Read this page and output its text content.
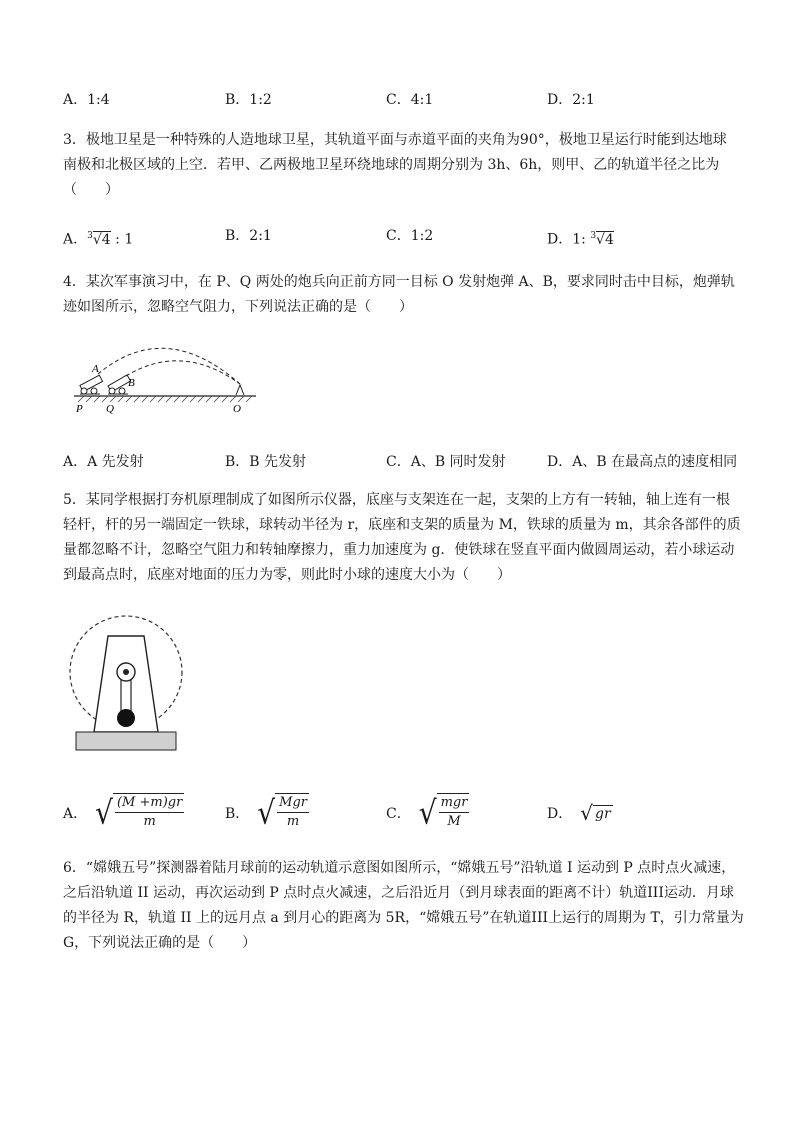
A．1:4	B．1:2	C．4:1	D．2:1
3．极地卫星是一种特殊的人造地球卫星，其轨道平面与赤道平面的夹角为90°，极地卫星运行时能到达地球
南极和北极区域的上空．若甲、乙两极地卫星环绕地球的周期分别为 3h、6h，则甲、乙的轨道半径之比为
（　　）
A．$^3$√4 : 1	B．2:1	C．1:2	D．1: $^3$√4
4．某次军事演习中，在 P、Q 两处的炮兵向正前方同一目标 O 发射炮弹 A、B，要求同时击中目标，炮弹轨
迹如图所示，忽略空气阻力，下列说法正确的是（　　）
A
B
P Q	O
A．A 先发射	B．B 先发射	C．A、B 同时发射	D．A、B 在最高点的速度相同
5．某同学根据打夯机原理制成了如图所示仪器，底座与支架连在一起，支架的上方有一转轴，轴上连有一根
轻杆，杆的另一端固定一铁球，球转动半径为 r，底座和支架的质量为 M，铁球的质量为 m，其余各部件的质
量都忽略不计，忽略空气阻力和转轴摩擦力，重力加速度为 g．使铁球在竖直平面内做圆周运动，若小球运动
到最高点时，底座对地面的压力为零，则此时小球的速度大小为（　　）
A． √ $\frac{(M +m)gr}{m}$	B． √ $\frac{\text{Mgr}}{m}$	C． √ $\frac{\text{mgr}}{M}$	D． √ gr
6．“嫦娥五号”探测器着陆月球前的运动轨道示意图如图所示，“嫦娥五号”沿轨道 I 运动到 P 点时点火减速，
之后沿轨道 II 运动，再次运动到 P 点时点火减速，之后沿近月（到月球表面的距离不计）轨道III运动．月球
的半径为 R，轨道 II 上的远月点 a 到月心的距离为 5R，“嫦娥五号”在轨道III上运行的周期为 T，引力常量为
G，下列说法正确的是（　　）
